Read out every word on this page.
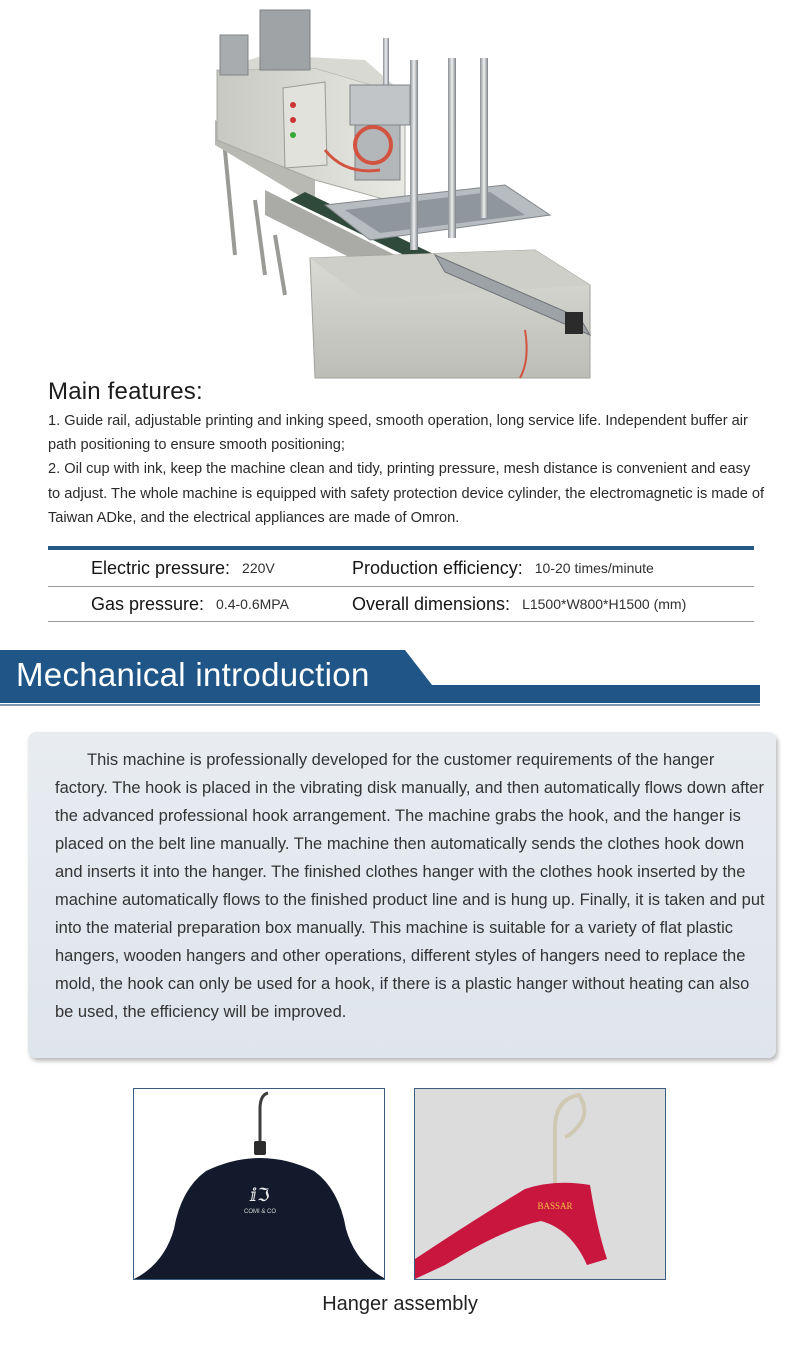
Main features:

1. Guide rail, adjustable printing and inking speed, smooth operation, long service life. Independent buffer air path positioning to ensure smooth positioning;

2. Oil cup with ink, keep the machine clean and tidy, printing pressure, mesh distance is convenient and easy to adjust. The whole machine is equipped with safety protection device cylinder, the electromagnetic is made of Taiwan ADke, and the electrical appliances are made of Omron.

Electric pressure: 220V	Production efficiency: 10-20 times/minute
Gas pressure: 0.4-0.6MPA	Overall dimensions: L1500*W800*H1500 (mm)
Mechanical introduction
This machine is professionally developed for the customer requirements of the hanger factory. The hook is placed in the vibrating disk manually, and then automatically flows down after the advanced professional hook arrangement. The machine grabs the hook, and the hanger is placed on the belt line manually. The machine then automatically sends the clothes hook down and inserts it into the hanger. The finished clothes hanger with the clothes hook inserted by the machine automatically flows to the finished product line and is hung up. Finally, it is taken and put into the material preparation box manually. This machine is suitable for a variety of flat plastic hangers, wooden hangers and other operations, different styles of hangers need to replace the mold, the hook can only be used for a hook, if there is a plastic hanger without heating can also be used, the efficiency will be improved.
ⅈℑ
COMI & CO
BASSAR
Hanger assembly
